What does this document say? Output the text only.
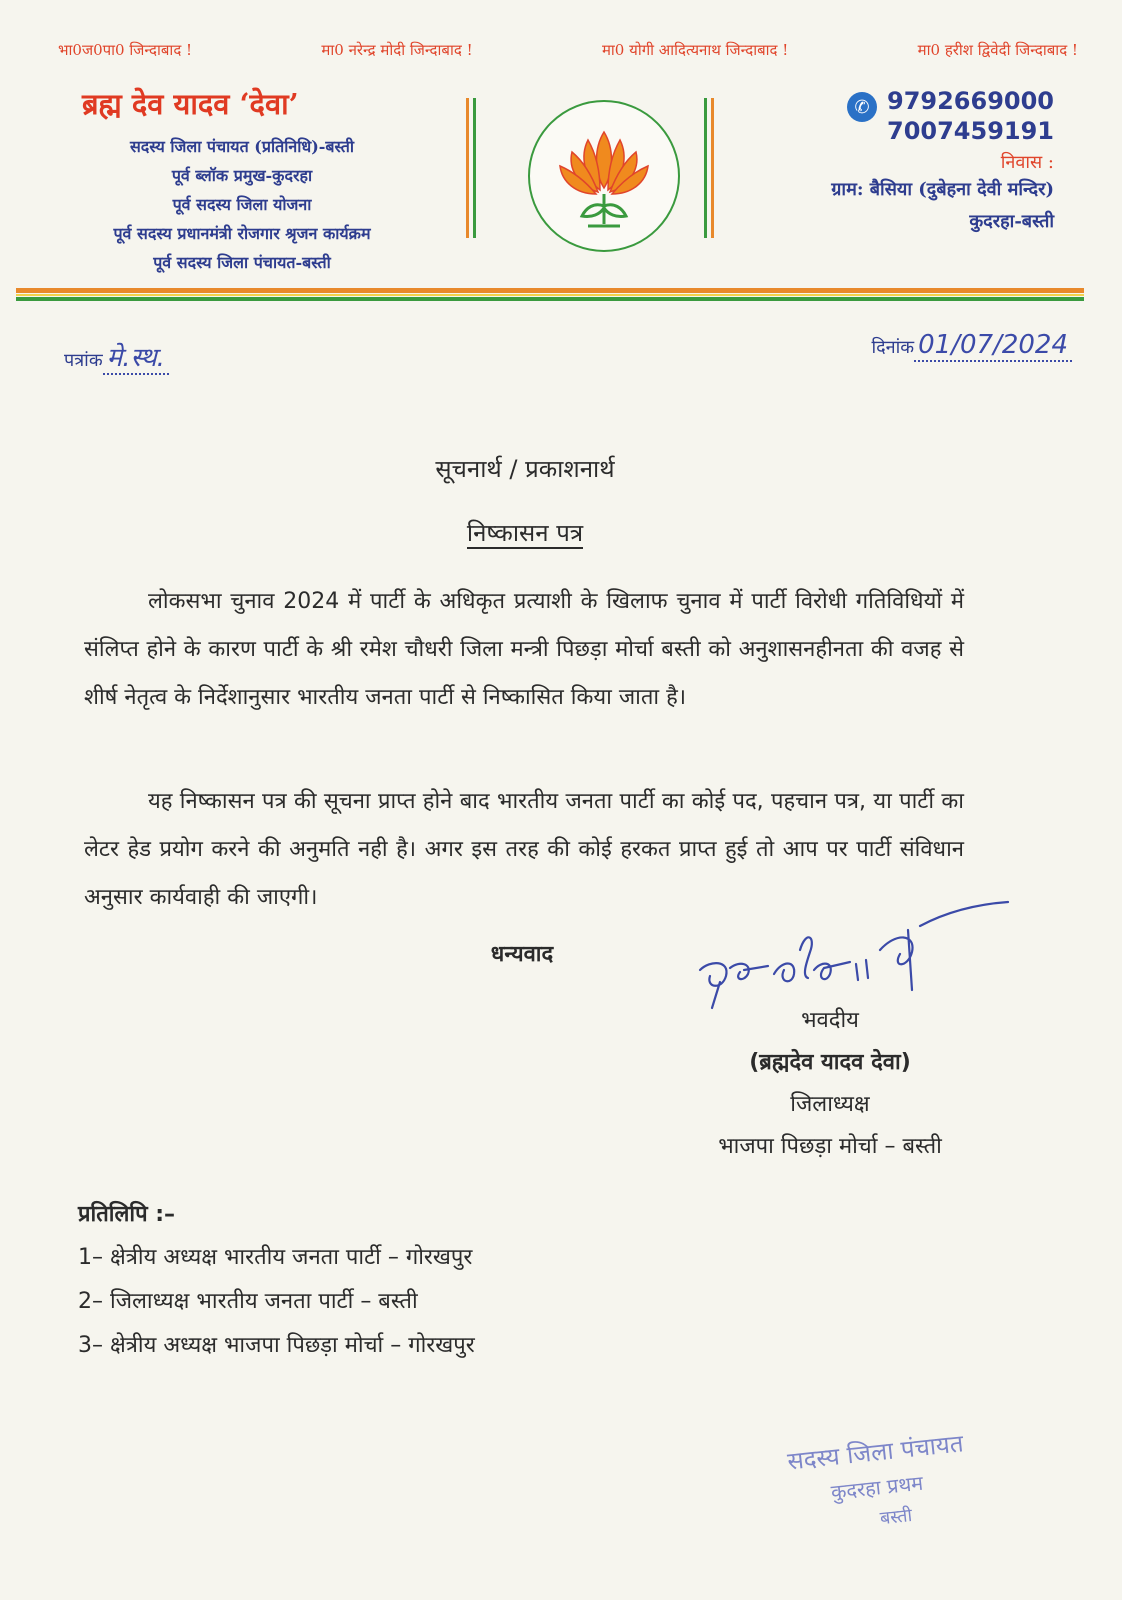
भा0ज0पा0 जिन्दाबाद !	मा0 नरेन्द्र मोदी जिन्दाबाद !	मा0 योगी आदित्यनाथ जिन्दाबाद !	मा0 हरीश द्विवेदी जिन्दाबाद !
ब्रह्म देव यादव ‘देवा’
सदस्य जिला पंचायत (प्रतिनिधि)-बस्ती
पूर्व ब्लॉक प्रमुख-कुदरहा
पूर्व सदस्य जिला योजना
पूर्व सदस्य प्रधानमंत्री रोजगार श्रृजन कार्यक्रम
पूर्व सदस्य जिला पंचायत-बस्ती
✆ 9792669000
7007459191
निवास :
ग्राम: बैसिया (दुबेहना देवी मन्दिर)
कुदरहा-बस्ती
पत्रांक मे.स्थ.	दिनांक 01/07/2024
सूचनार्थ / प्रकाशनार्थ
निष्कासन पत्र

लोकसभा चुनाव 2024 में पार्टी के अधिकृत प्रत्याशी के खिलाफ चुनाव में पार्टी विरोधी गतिविधियों में संलिप्त होने के कारण पार्टी के श्री रमेश चौधरी जिला मन्त्री पिछड़ा मोर्चा बस्ती को अनुशासनहीनता की वजह से शीर्ष नेतृत्व के निर्देशानुसार भारतीय जनता पार्टी से निष्कासित किया जाता है।

यह निष्कासन पत्र की सूचना प्राप्त होने बाद भारतीय जनता पार्टी का कोई पद, पहचान पत्र, या पार्टी का लेटर हेड प्रयोग करने की अनुमति नही है। अगर इस तरह की कोई हरकत प्राप्त हुई तो आप पर पार्टी संविधान अनुसार कार्यवाही की जाएगी।

धन्यवाद
भवदीय
(ब्रह्मदेव यादव देवा)
जिलाध्यक्ष
भाजपा पिछड़ा मोर्चा – बस्ती
प्रतिलिपि :–
1– क्षेत्रीय अध्यक्ष भारतीय जनता पार्टी – गोरखपुर
2– जिलाध्यक्ष भारतीय जनता पार्टी – बस्ती
3– क्षेत्रीय अध्यक्ष भाजपा पिछड़ा मोर्चा – गोरखपुर
सदस्य जिला पंचायत
कुदरहा प्रथम
बस्ती
